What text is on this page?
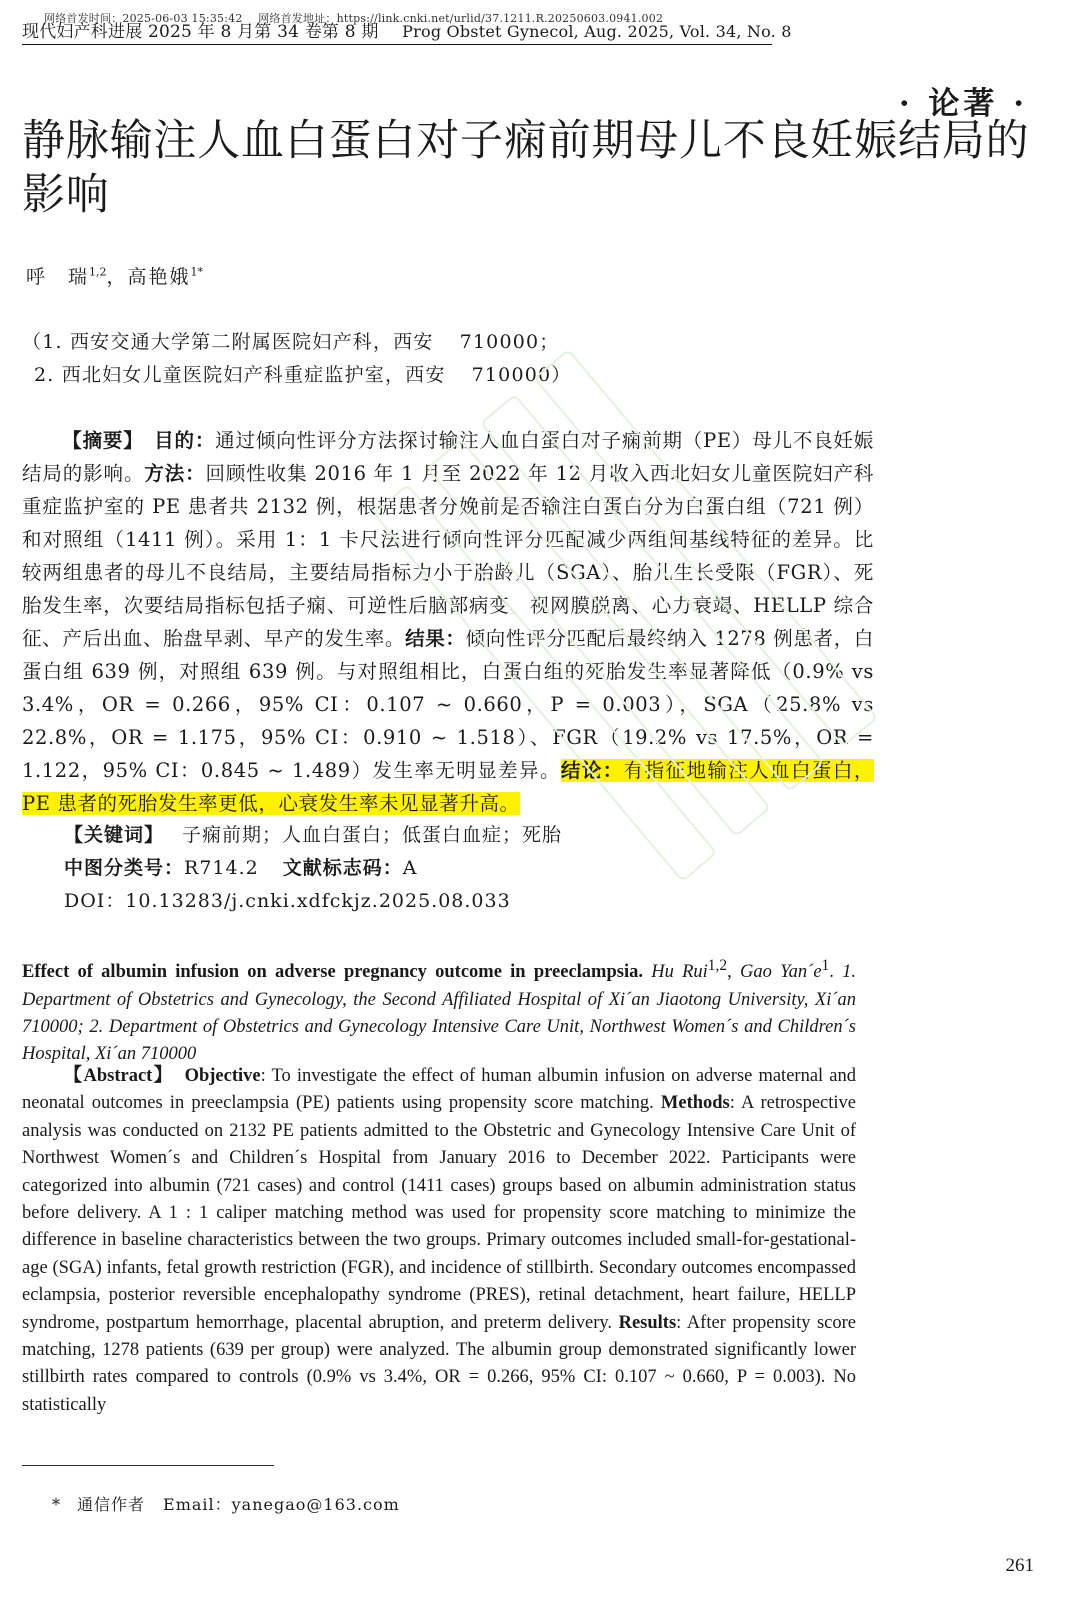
网络首发时间：2025-06-03 15:35:42 网络首发地址：https://link.cnki.net/urlid/37.1211.R.20250603.0941.002
现代妇产科进展 2025 年 8 月第 34 卷第 8 期 Prog Obstet Gynecol, Aug. 2025, Vol. 34, No. 8
· 论著 ·
静脉输注人血白蛋白对子痫前期母儿不良妊娠结局的影响
呼　瑞$^{1,2}$，高艳娥$^{1*}$
（1. 西安交通大学第二附属医院妇产科，西安 710000；
2. 西北妇女儿童医院妇产科重症监护室，西安 710000）
【摘要】　 目的：通过倾向性评分方法探讨输注人血白蛋白对子痫前期（PE）母儿不良妊娠结局的影响。方法：回顾性收集 2016 年 1 月至 2022 年 12 月收入西北妇女儿童医院妇产科重症监护室的 PE 患者共 2132 例，根据患者分娩前是否输注白蛋白分为白蛋白组（721 例）和对照组（1411 例）。采用 1：1 卡尺法进行倾向性评分匹配减少两组间基线特征的差异。比较两组患者的母儿不良结局，主要结局指标为小于胎龄儿（SGA）、胎儿生长受限（FGR）、死胎发生率，次要结局指标包括子痫、可逆性后脑部病变、视网膜脱离、心力衰竭、HELLP 综合征、产后出血、胎盘早剥、早产的发生率。结果：倾向性评分匹配后最终纳入 1278 例患者，白蛋白组 639 例，对照组 639 例。与对照组相比，白蛋白组的死胎发生率显著降低（0.9% vs 3.4%，OR = 0.266，95% CI：0.107 ~ 0.660，P = 0.003），SGA（25.8% vs 22.8%，OR = 1.175，95% CI：0.910 ~ 1.518）、FGR（19.2% vs 17.5%，OR = 1.122，95% CI：0.845 ~ 1.489）发生率无明显差异。结论：有指征地输注人血白蛋白，PE 患者的死胎发生率更低，心衰发生率未见显著升高。
【关键词】 子痫前期；人血白蛋白；低蛋白血症；死胎
中图分类号：R714.2 文献标志码：A
DOI：10.13283/j.cnki.xdfckjz.2025.08.033
Effect of albumin infusion on adverse pregnancy outcome in preeclampsia. Hu Rui$^{1,2}$, Gao $Yan´e^1$. 1. Department of Obstetrics and Gynecology, the Second Affiliated Hospital of Xi´an Jiaotong University, Xi´an 710000; 2. Department of Obstetrics and Gynecology Intensive Care Unit, Northwest Women´s and Children´s Hospital, Xi´an 710000
【Abstract】　 Objective: To investigate the effect of human albumin infusion on adverse maternal and neonatal outcomes in preeclampsia (PE) patients using propensity score matching. Methods: A retrospective analysis was conducted on 2132 PE patients admitted to the Obstetric and Gynecology Intensive Care Unit of Northwest Women´s and Children´s Hospital from January 2016 to December 2022. Participants were categorized into albumin (721 cases) and control (1411 cases) groups based on albumin administration status before delivery. A 1 : 1 caliper matching method was used for propensity score matching to minimize the difference in baseline characteristics between the two groups. Primary outcomes included small-for-gestational-age (SGA) infants, fetal growth restriction (FGR), and incidence of stillbirth. Secondary outcomes encompassed eclampsia, posterior reversible encephalopathy syndrome (PRES), retinal detachment, heart failure, HELLP syndrome, postpartum hemorrhage, placental abruption, and preterm delivery. Results: After propensity score matching, 1278 patients (639 per group) were analyzed. The albumin group demonstrated significantly lower stillbirth rates compared to controls (0.9% vs 3.4%, OR = 0.266, 95% CI: 0.107 ~ 0.660, P = 0.003). No statistically
* 通信作者 Email：yanegao@163.com
261
